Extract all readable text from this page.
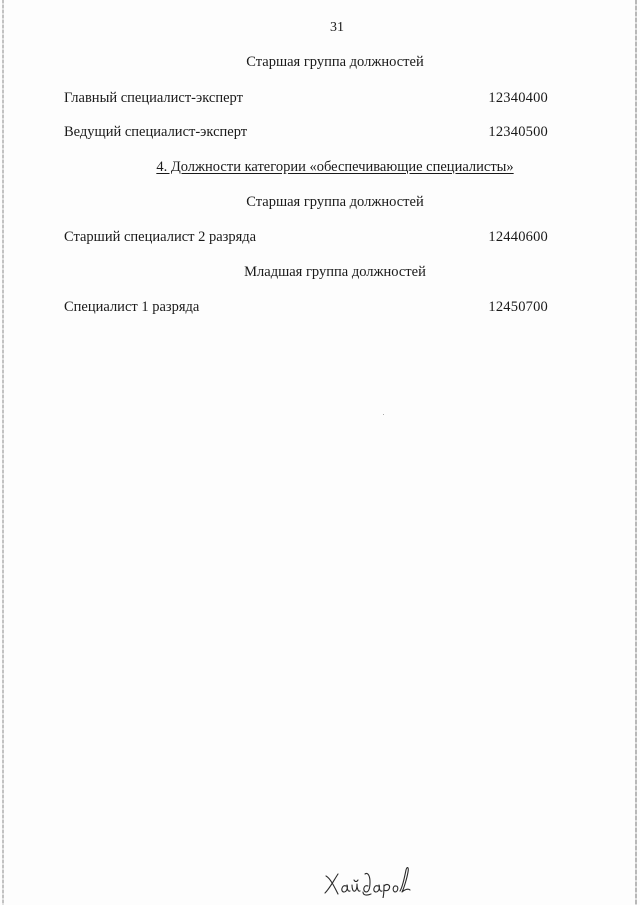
31
Старшая группа должностей
Главный специалист-эксперт	12340400
Ведущий специалист-эксперт	12340500
4. Должности категории «обеспечивающие специалисты»
Старшая группа должностей
Старший специалист 2 разряда	12440600
Младшая группа должностей
Специалист 1 разряда	12450700
